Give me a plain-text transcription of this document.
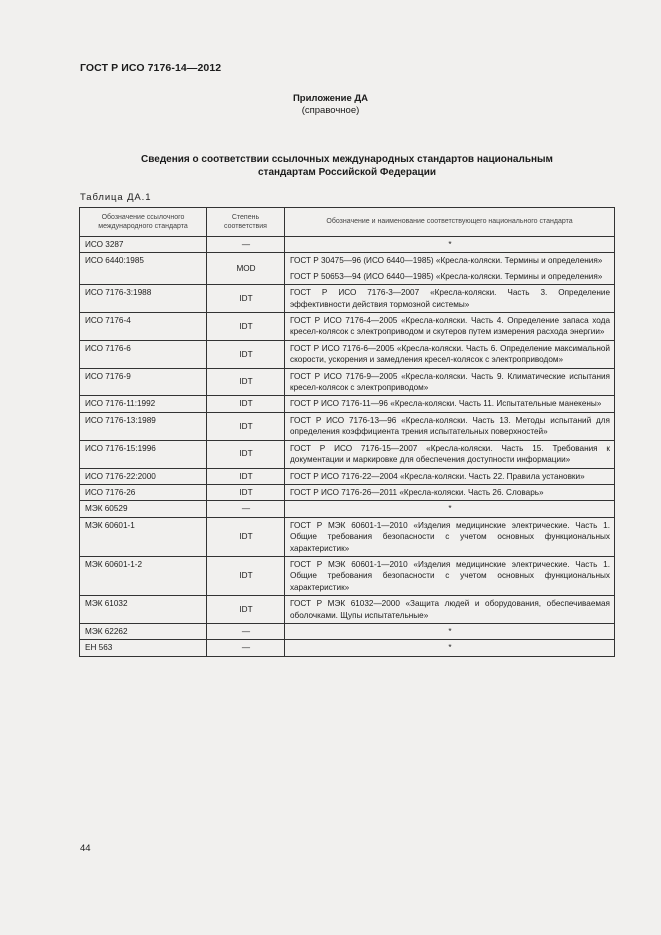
ГОСТ Р ИСО 7176-14—2012
Приложение ДА
(справочное)
Сведения о соответствии ссылочных международных стандартов национальным
стандартам Российской Федерации
Таблица ДА.1
Обозначение ссылочного международного стандарта	Степень соответствия	Обозначение и наименование соответствующего национального стандарта
ИСО 3287	—	*

ИСО 6440:1985	MOD	ГОСТ Р 30475—96 (ИСО 6440—1985) «Кресла-коляски. Термины и определения»
ГОСТ Р 50653—94 (ИСО 6440—1985) «Кресла-коляски. Термины и определения»

ИСО 7176-3:1988	IDT	ГОСТ Р ИСО 7176-3—2007 «Кресла-коляски. Часть 3. Определение эффективности действия тормозной системы»

ИСО 7176-4	IDT	ГОСТ Р ИСО 7176-4—2005 «Кресла-коляски. Часть 4. Определение запаса хода кресел-колясок с электроприводом и скутеров путем измерения расхода энергии»

ИСО 7176-6	IDT	ГОСТ Р ИСО 7176-6—2005 «Кресла-коляски. Часть 6. Определение максимальной скорости, ускорения и замедления кресел-колясок с электроприводом»

ИСО 7176-9	IDT	ГОСТ Р ИСО 7176-9—2005 «Кресла-коляски. Часть 9. Климатические испытания кресел-колясок с электроприводом»

ИСО 7176-11:1992	IDT	ГОСТ Р ИСО 7176-11—96 «Кресла-коляски. Часть 11. Испытательные манекены»

ИСО 7176-13:1989	IDT	ГОСТ Р ИСО 7176-13—96 «Кресла-коляски. Часть 13. Методы испытаний для определения коэффициента трения испытательных поверхностей»

ИСО 7176-15:1996	IDT	ГОСТ Р ИСО 7176-15—2007 «Кресла-коляски. Часть 15. Требования к документации и маркировке для обеспечения доступности информации»

ИСО 7176-22:2000	IDT	ГОСТ Р ИСО 7176-22—2004 «Кресла-коляски. Часть 22. Правила установки»

ИСО 7176-26	IDT	ГОСТ Р ИСО 7176-26—2011 «Кресла-коляски. Часть 26. Словарь»

МЭК 60529	—	*

МЭК 60601-1	IDT	ГОСТ Р МЭК 60601-1—2010 «Изделия медицинские электрические. Часть 1. Общие требования безопасности с учетом основных функциональных характеристик»

МЭК 60601-1-2	IDT	ГОСТ Р МЭК 60601-1—2010 «Изделия медицинские электрические. Часть 1. Общие требования безопасности с учетом основных функциональных характеристик»

МЭК 61032	IDT	ГОСТ Р МЭК 61032—2000 «Защита людей и оборудования, обеспечиваемая оболочками. Щупы испытательные»

МЭК 62262	—	*

ЕН 563	—	*
44
